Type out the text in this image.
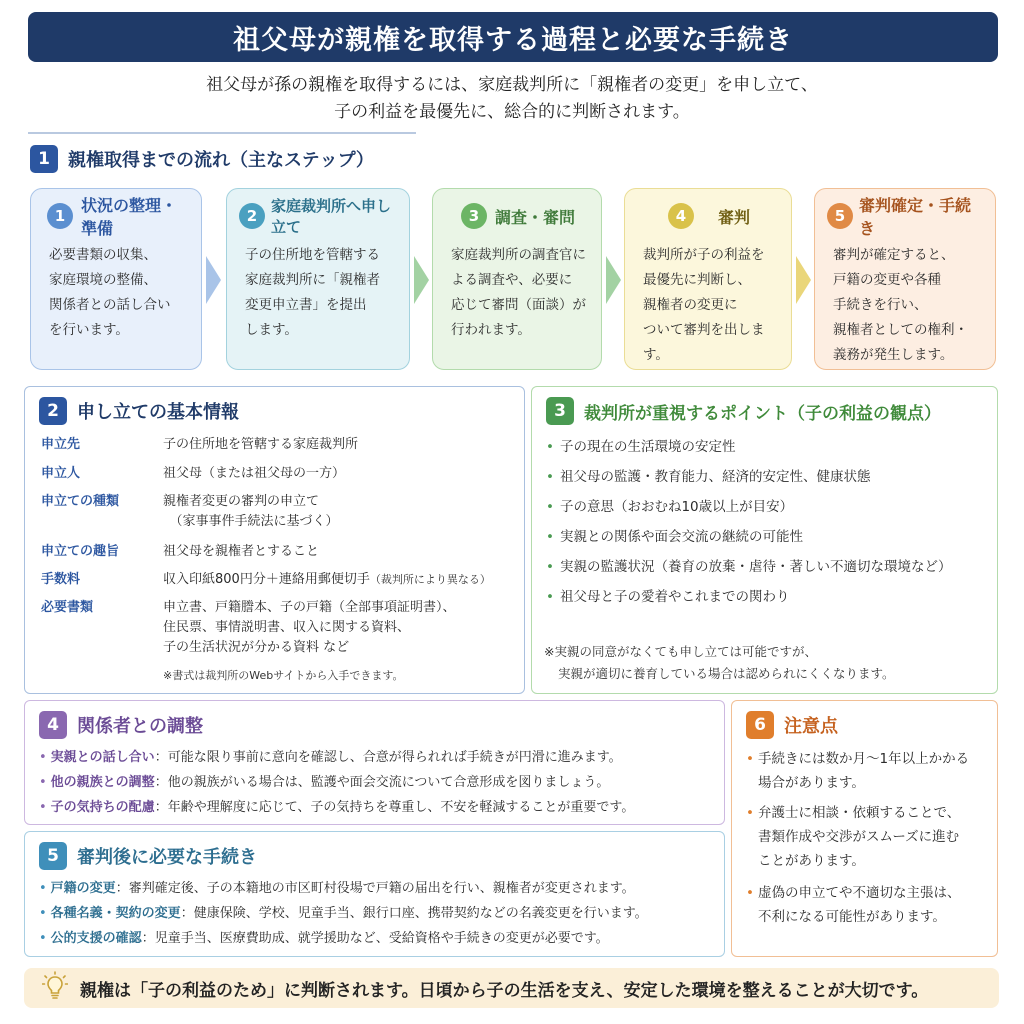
祖父母が親権を取得する過程と必要な手続き
祖父母が孫の親権を取得するには、家庭裁判所に「親権者の変更」を申し立て、
子の利益を最優先に、総合的に判断されます。
1	親権取得までの流れ（主なステップ）
1
状況の整理・準備
必要書類の収集、
家庭環境の整備、
関係者との話し合い
を行います。
2
家庭裁判所へ申し立て
子の住所地を管轄する
家庭裁判所に「親権者
変更申立書」を提出
します。
3 調査・審問
家庭裁判所の調査官に
よる調査や、必要に
応じて審問（面談）が
行われます。
4	審判
裁判所が子の利益を
最優先に判断し、
親権者の変更に
ついて審判を出します。
5
審判確定・手続き
審判が確定すると、
戸籍の変更や各種
手続きを行い、
親権者としての権利・
義務が発生します。
2	申し立ての基本情報
申立先	子の住所地を管轄する家庭裁判所
申立人	祖父母（または祖父母の一方）
申立ての種類	親権者変更の審判の申立て
　（家事事件手続法に基づく）
申立ての趣旨	祖父母を親権者とすること
手数料	収入印紙800円分＋連絡用郵便切手（裁判所により異なる）
必要書類	申立書、戸籍謄本、子の戸籍（全部事項証明書）、
住民票、事情説明書、収入に関する資料、
子の生活状況が分かる資料 など
※書式は裁判所のWebサイトから入手できます。
3	裁判所が重視するポイント（子の利益の観点）
• 子の現在の生活環境の安定性
• 祖父母の監護・教育能力、経済的安定性、健康状態
• 子の意思（おおむね10歳以上が目安）
• 実親との関係や面会交流の継続の可能性
• 実親の監護状況（養育の放棄・虐待・著しい不適切な環境など）
• 祖父母と子の愛着やこれまでの関わり
※実親の同意がなくても申し立ては可能ですが、
実親が適切に養育している場合は認められにくくなります。
4	関係者との調整
• 実親との話し合い：可能な限り事前に意向を確認し、合意が得られれば手続きが円滑に進みます。
• 他の親族との調整：他の親族がいる場合は、監護や面会交流について合意形成を図りましょう。
• 子の気持ちの配慮：年齢や理解度に応じて、子の気持ちを尊重し、不安を軽減することが重要です。
5	審判後に必要な手続き
• 戸籍の変更：審判確定後、子の本籍地の市区町村役場で戸籍の届出を行い、親権者が変更されます。
• 各種名義・契約の変更：健康保険、学校、児童手当、銀行口座、携帯契約などの名義変更を行います。
• 公的支援の確認：児童手当、医療費助成、就学援助など、受給資格や手続きの変更が必要です。
6	注意点
• 手続きには数か月～1年以上かかる
場合があります。
• 弁護士に相談・依頼することで、
書類作成や交渉がスムーズに進む
ことがあります。
• 虚偽の申立てや不適切な主張は、
不利になる可能性があります。
親権は「子の利益のため」に判断されます。日頃から子の生活を支え、安定した環境を整えることが大切です。
